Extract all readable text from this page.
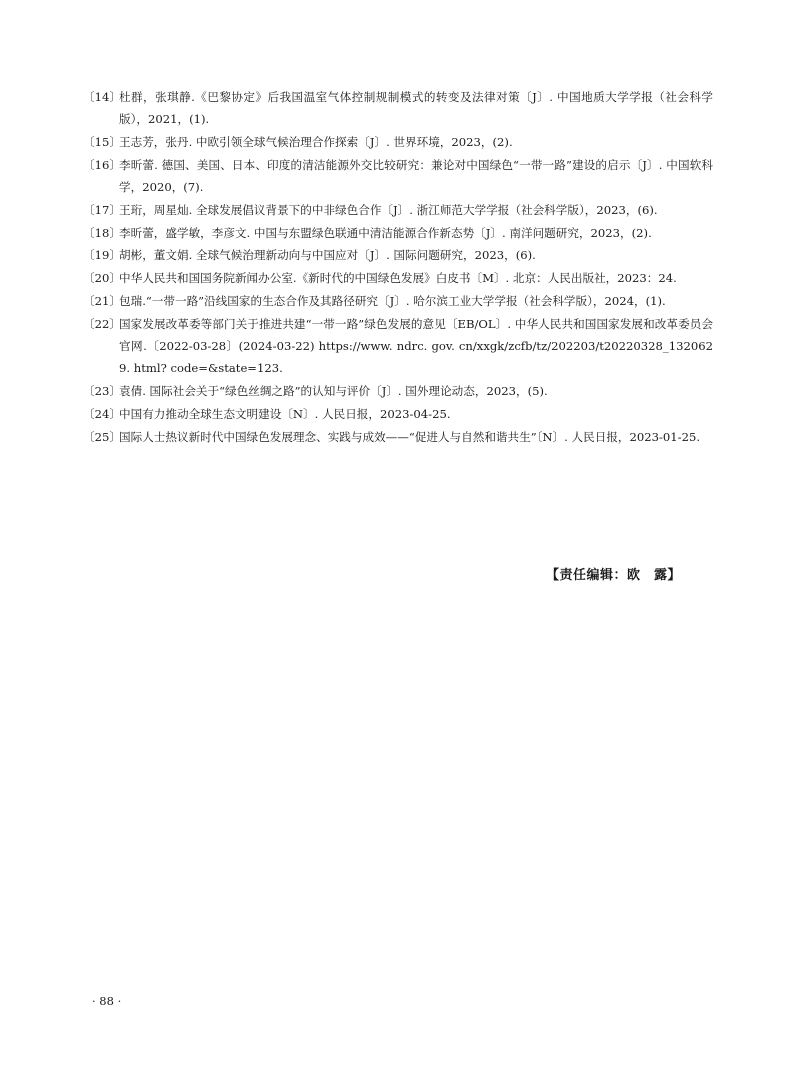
〔14〕
杜群，张琪静.《巴黎协定》后我国温室气体控制规制模式的转变及法律对策〔J〕. 中国地质大学学报（社会科学版），2021，(1).
〔15〕
王志芳，张丹. 中欧引领全球气候治理合作探索〔J〕. 世界环境，2023，(2).
〔16〕
李昕蕾. 德国、美国、日本、印度的清洁能源外交比较研究：兼论对中国绿色“一带一路”建设的启示〔J〕. 中国软科学，2020，(7).
〔17〕
王珩，周星灿. 全球发展倡议背景下的中非绿色合作〔J〕. 浙江师范大学学报（社会科学版），2023，(6).
〔18〕
李昕蕾，盛学敏，李彦文. 中国与东盟绿色联通中清洁能源合作新态势〔J〕. 南洋问题研究，2023，(2).
〔19〕
胡彬，董文娟. 全球气候治理新动向与中国应对〔J〕. 国际问题研究，2023，(6).
〔20〕
中华人民共和国国务院新闻办公室.《新时代的中国绿色发展》白皮书〔M〕. 北京：人民出版社，2023：24.
〔21〕
包瑞.“一带一路”沿线国家的生态合作及其路径研究〔J〕. 哈尔滨工业大学学报（社会科学版），2024，(1).
〔22〕
国家发展改革委等部门关于推进共建“一带一路”绿色发展的意见〔EB/OL〕. 中华人民共和国国家发展和改革委员会官网.〔2022-03-28〕(2024-03-22) https://www. ndrc. gov. cn/xxgk/zcfb/tz/202203/t20220328_1320629. html? code=&state=123.
〔23〕
袁倩. 国际社会关于“绿色丝绸之路”的认知与评价〔J〕. 国外理论动态，2023，(5).
〔24〕
中国有力推动全球生态文明建设〔N〕. 人民日报，2023-04-25.
〔25〕
国际人士热议新时代中国绿色发展理念、实践与成效——“促进人与自然和谐共生”〔N〕. 人民日报，2023-01-25.
【责任编辑：欧　露】
· 88 ·
